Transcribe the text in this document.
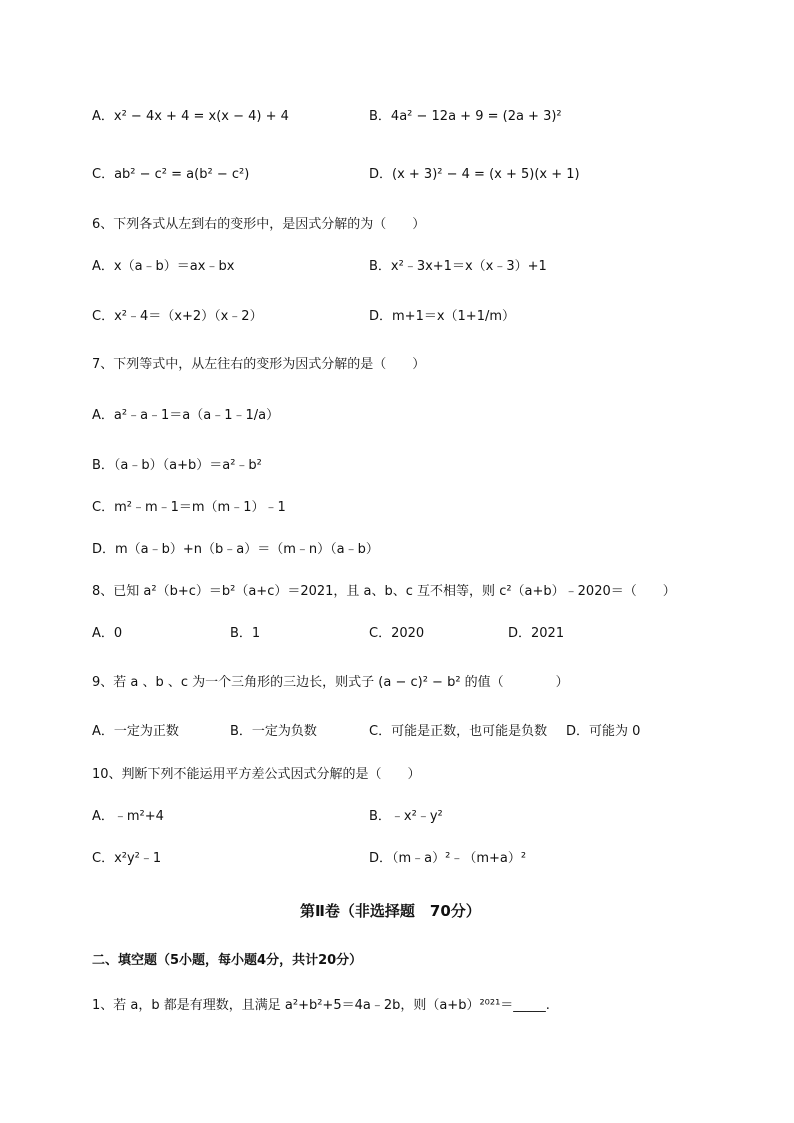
A．x² − 4x + 4 = x(x − 4) + 4	B．4a² − 12a + 9 = (2a + 3)²
C．ab² − c² = a(b² − c²)	D．(x + 3)² − 4 = (x + 5)(x + 1)
6、下列各式从左到右的变形中，是因式分解的为（　　）
A．x（a﹣b）＝ax﹣bx	B．x²﹣3x+1＝x（x﹣3）+1
C．x²﹣4＝（x+2）（x﹣2）	D．m+1＝x（1+1/m）
7、下列等式中，从左往右的变形为因式分解的是（　　）
A．a²﹣a﹣1＝a（a﹣1﹣1/a）
B．（a﹣b）（a+b）＝a²﹣b²
C．m²﹣m﹣1＝m（m﹣1）﹣1
D．m（a﹣b）+n（b﹣a）＝（m﹣n）（a﹣b）
8、已知 a²（b+c）＝b²（a+c）＝2021，且 a、b、c 互不相等，则 c²（a+b）﹣2020＝（　　）
A．0	B．1	C．2020	D．2021
9、若 a 、b 、c 为一个三角形的三边长，则式子 (a − c)² − b² 的值（　　　　）
A．一定为正数	B．一定为负数	C．可能是正数，也可能是负数 D．可能为 0
10、判断下列不能运用平方差公式因式分解的是（　　）
A．﹣m²+4	B．﹣x²﹣y²
C．x²y²﹣1	D．（m﹣a）²﹣（m+a）²
第Ⅱ卷（非选择题　70分）
二、填空题（5小题，每小题4分，共计20分）
1、若 a，b 都是有理数，且满足 a²+b²+5＝4a﹣2b，则（a+b）²⁰²¹＝_____.
